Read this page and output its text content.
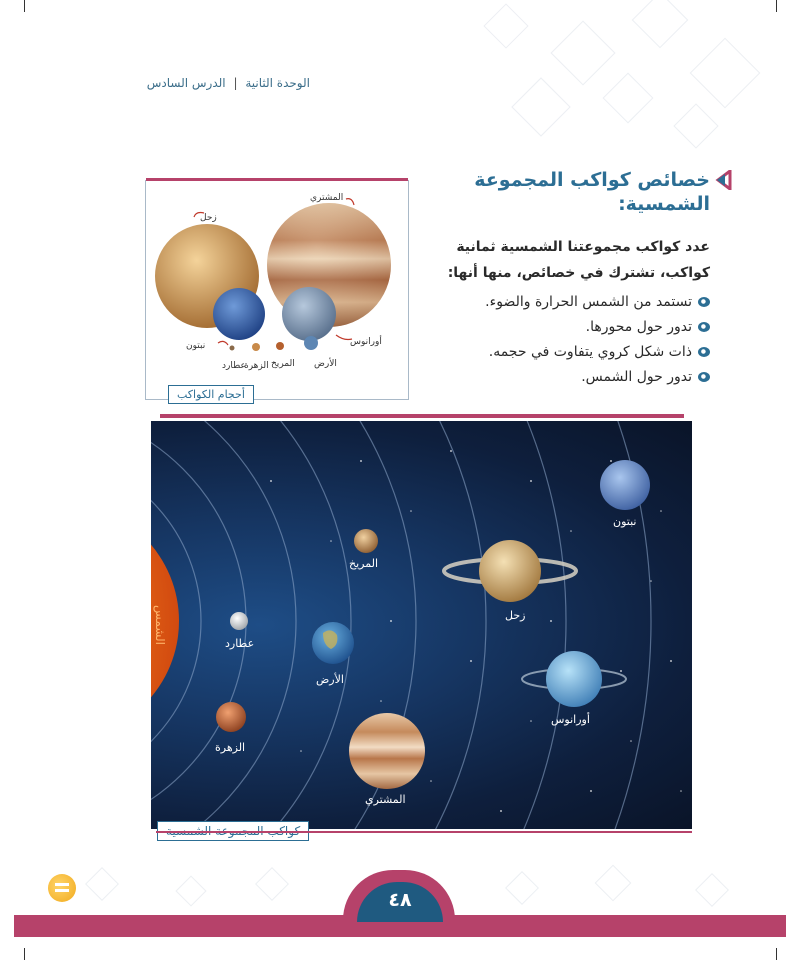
الوحدة الثانية | الدرس السادس
خصائص كواكب المجموعة الشمسية:
عدد كواكب مجموعتنا الشمسية ثمانية كواكب، تشترك في خصائص، منها أنها:
تستمد من الشمس الحرارة والضوء.
تدور حول محورها.
ذات شكل كروي يتفاوت في حجمه.
تدور حول الشمس.
المشتري
زحل
أورانوس
نبتون
الأرض
المريخ
الزهرة
عطارد
أحجام الكواكب
نبتون
المريخ
زحل
عطارد
الأرض
أورانوس
الزهرة
المشتري
الشمس
٤٨
